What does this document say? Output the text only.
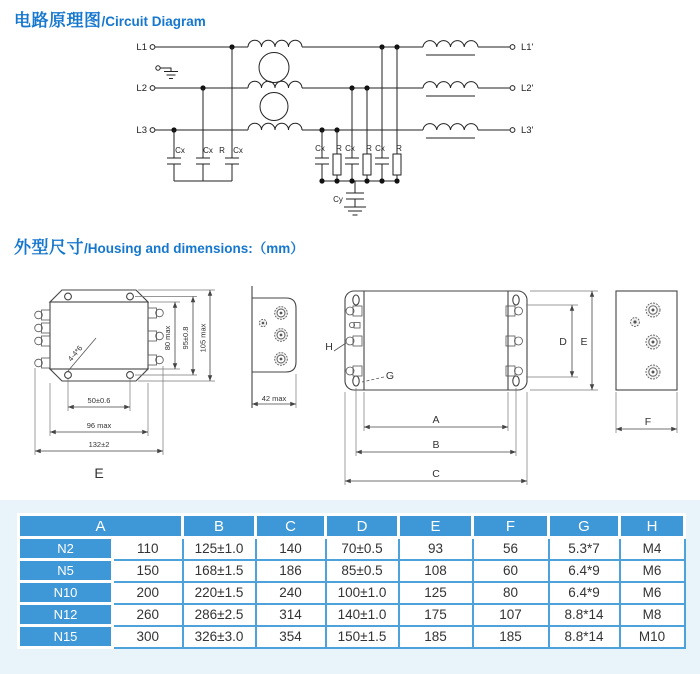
电路原理图/Circuit Diagram
L1
L2
L3
Cx Cx R Cx	Cx R Cx R Cx R
Cy
L1'
L2'
L3'
外型尺寸/Housing and dimensions:（mm）
4-4*6
80 max 95±0.8 105 max
50±0.6
96 max
132±2
E
42 max
H
G
A
B
C
D E
F
A		B	C	D	E	F	G	H
N2	110	125±1.0	140	70±0.5	93	56	5.3*7	M4
N5	150	168±1.5	186	85±0.5	108	60	6.4*9	M6
N10	200	220±1.5	240	100±1.0	125	80	6.4*9	M6
N12	260	286±2.5	314	140±1.0	175	107	8.8*14	M8
N15	300	326±3.0	354	150±1.5	185	185	8.8*14	M10
